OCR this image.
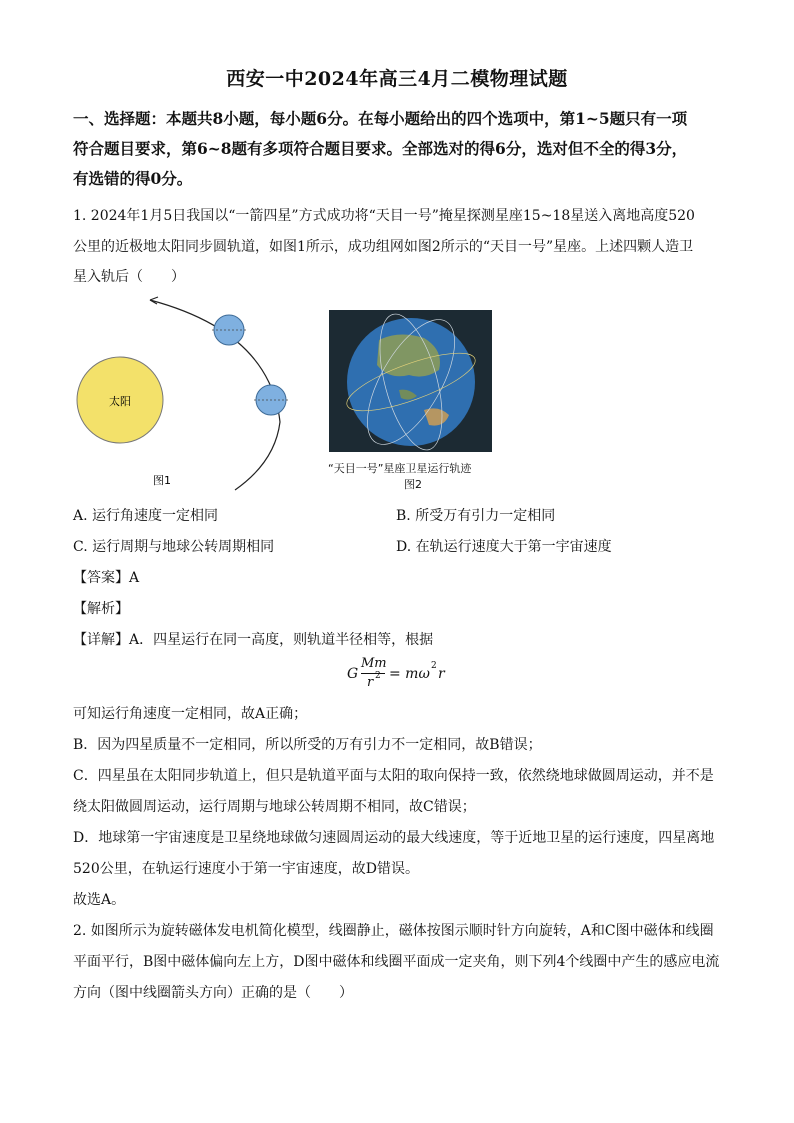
西安一中2024年高三4月二模物理试题
一、选择题：本题共8小题，每小题6分。在每小题给出的四个选项中，第1~5题只有一项
符合题目要求，第6~8题有多项符合题目要求。全部选对的得6分，选对但不全的得3分，
有选错的得0分。
1. 2024年1月5日我国以“一箭四星”方式成功将“天目一号”掩星探测星座15~18星送入离地高度520
公里的近极地太阳同步圆轨道，如图1所示，成功组网如图2所示的“天目一号”星座。上述四颗人造卫
星入轨后（　　）
太阳
图1
“天目一号”星座卫星运行轨迹
图2
A. 运行角速度一定相同	B. 所受万有引力一定相同
C. 运行周期与地球公转周期相同	D. 在轨运行速度大于第一宇宙速度
【答案】A
【解析】
【详解】A．四星运行在同一高度，则轨道半径相等，根据
G
Mm
r 2 = mω 2 r
可知运行角速度一定相同，故A正确；
B．因为四星质量不一定相同，所以所受的万有引力不一定相同，故B错误；
C．四星虽在太阳同步轨道上，但只是轨道平面与太阳的取向保持一致，依然绕地球做圆周运动，并不是
绕太阳做圆周运动，运行周期与地球公转周期不相同，故C错误；
D．地球第一宇宙速度是卫星绕地球做匀速圆周运动的最大线速度，等于近地卫星的运行速度，四星离地
520公里，在轨运行速度小于第一宇宙速度，故D错误。
故选A。
2. 如图所示为旋转磁体发电机简化模型，线圈静止，磁体按图示顺时针方向旋转，A和C图中磁体和线圈
平面平行，B图中磁体偏向左上方，D图中磁体和线圈平面成一定夹角，则下列4个线圈中产生的感应电流
方向（图中线圈箭头方向）正确的是（　　）
